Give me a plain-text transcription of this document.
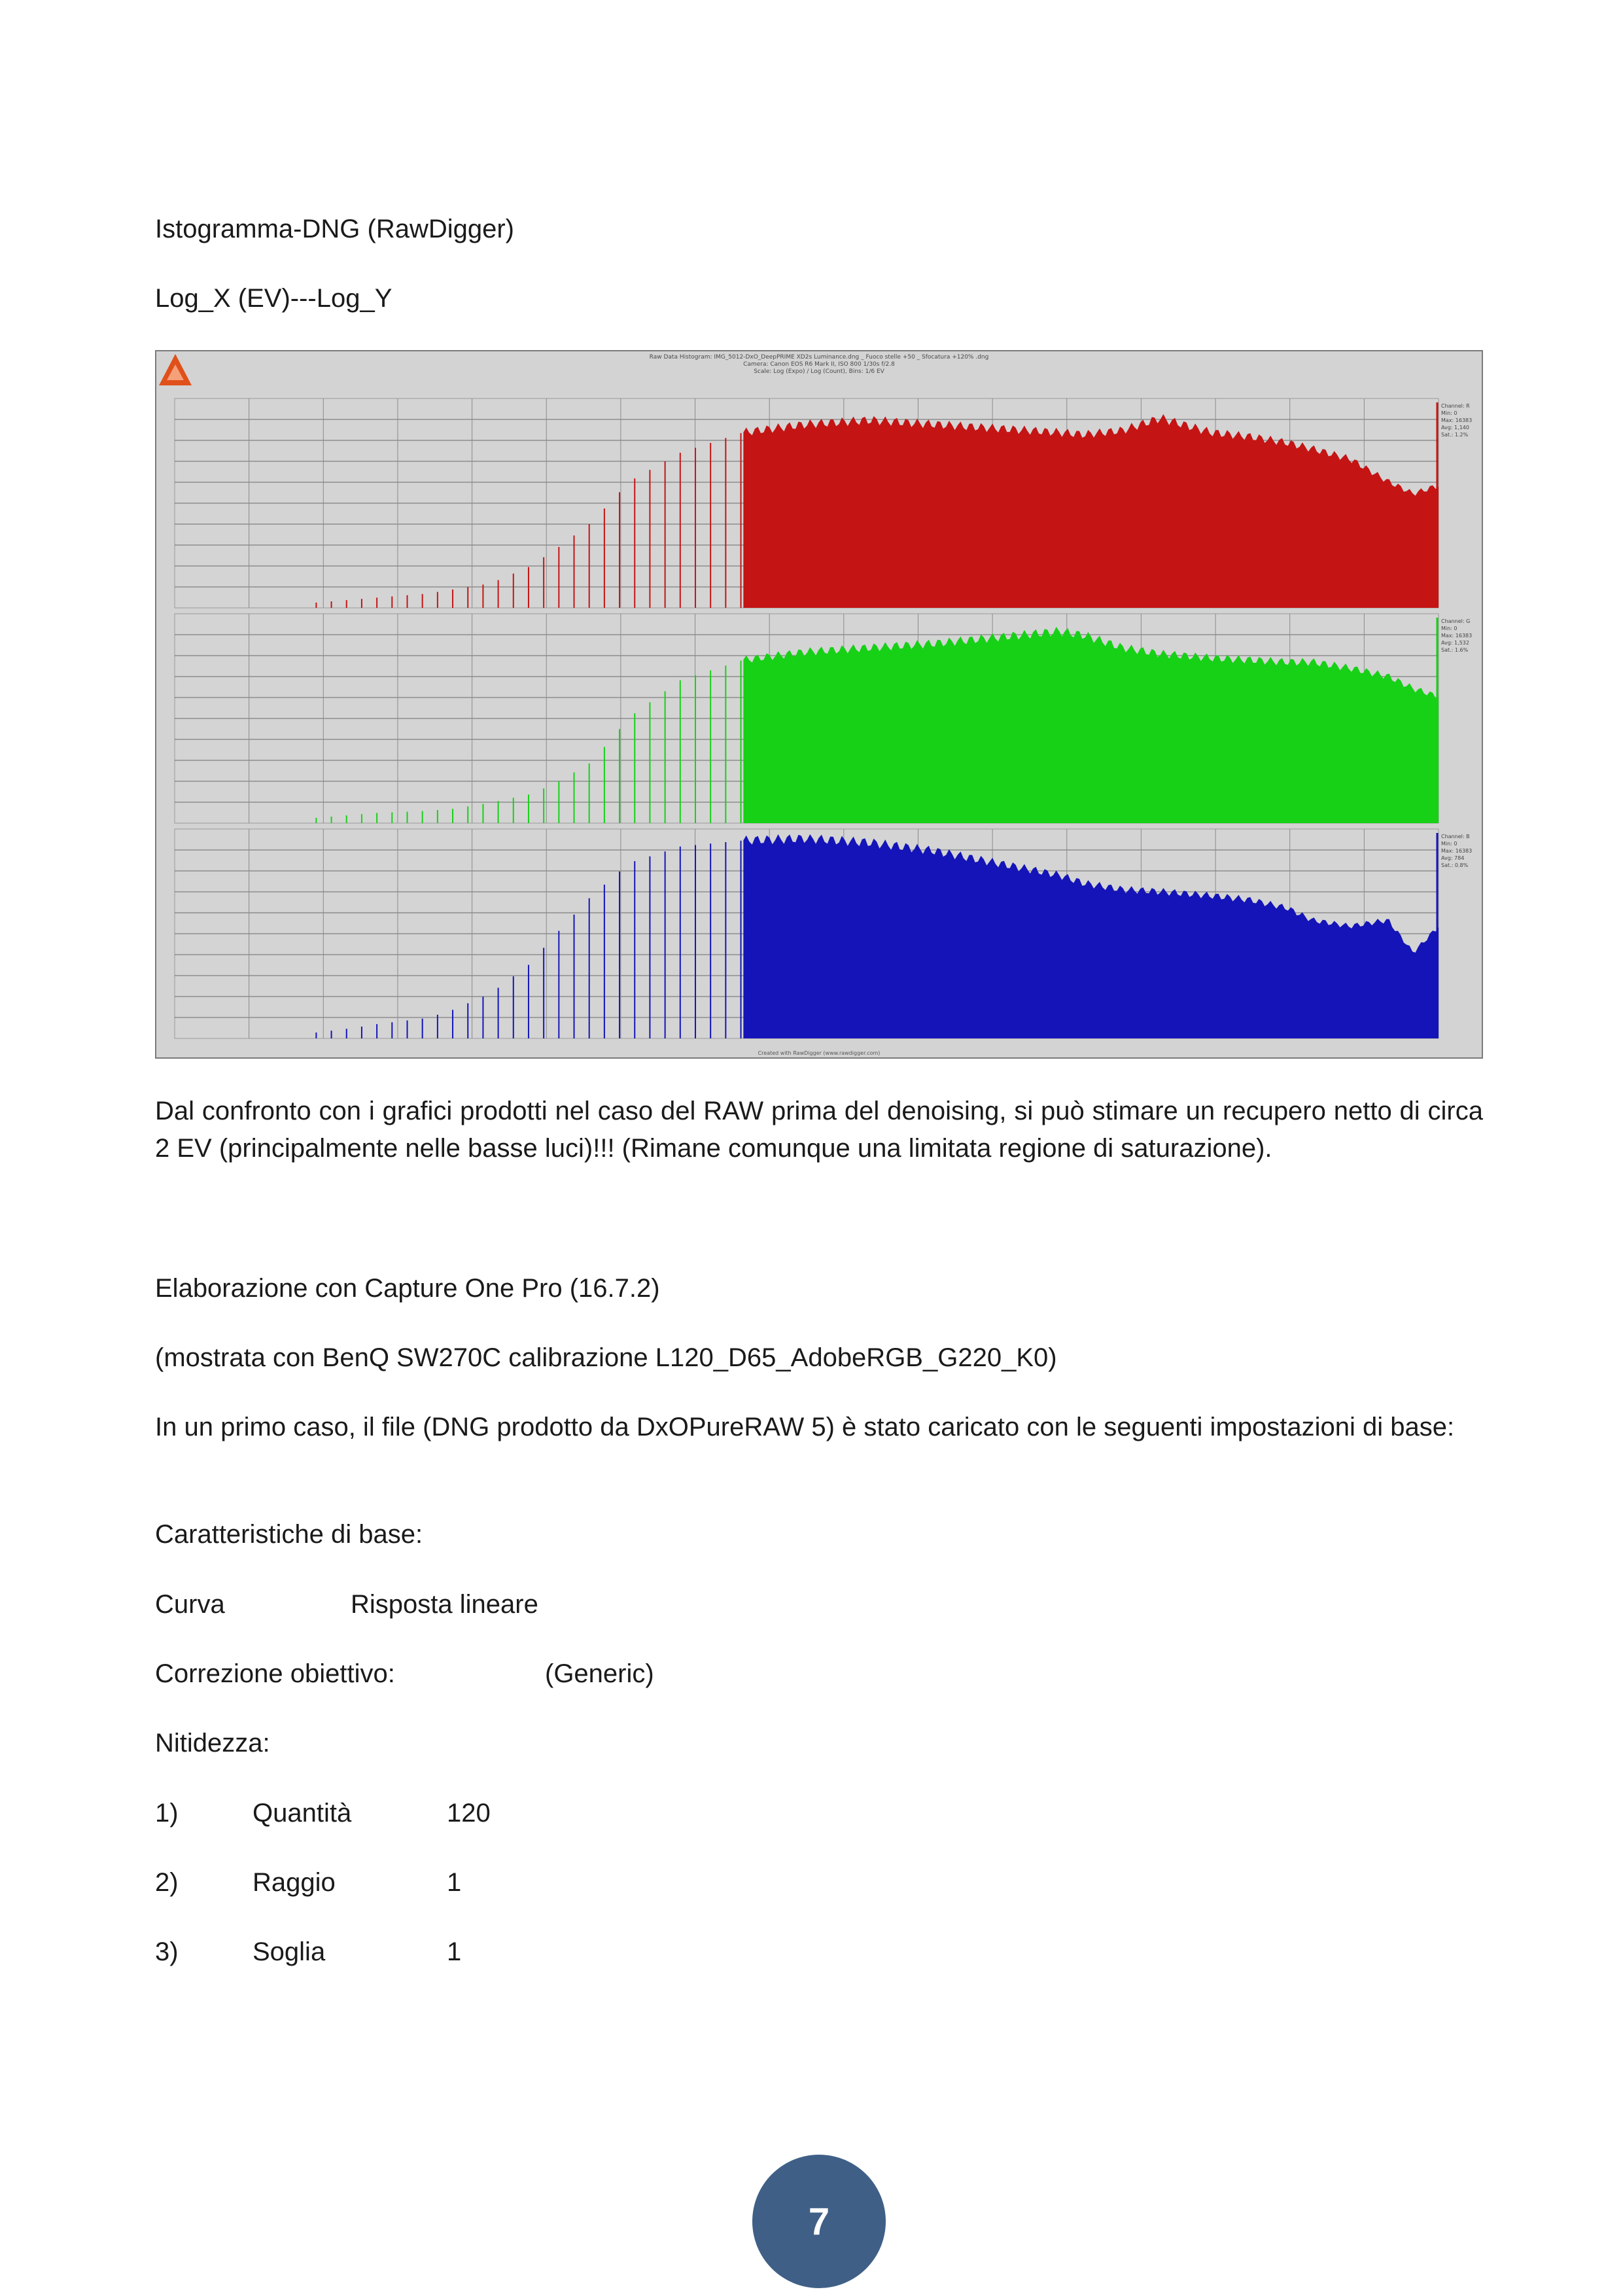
Istogramma-DNG (RawDigger)
Log_X (EV)---Log_Y
Raw Data Histogram: IMG_5012-DxO_DeepPRIME XD2s Luminance.dng _ Fuoco stelle +50 _ Sfocatura +120% .dng
Camera: Canon EOS R6 Mark II, ISO 800 1/30s f/2.8
Scale: Log (Expo) / Log (Count), Bins: 1/6 EV
Channel: R
Min: 0
Max: 16383
Avg: 1,140
Sat.: 1.2%
Channel: G
Min: 0
Max: 16383
Avg: 1,532
Sat.: 1.6%
Channel: B
Min: 0
Max: 16383
Avg: 784
Sat.: 0.8%
Created with RawDigger (www.rawdigger.com)
Dal confronto con i grafici prodotti nel caso del RAW prima del denoising, si può stimare un recupero netto di circa 2 EV (principalmente nelle basse luci)!!! (Rimane comunque una limitata regione di saturazione).
Elaborazione con Capture One Pro (16.7.2)
(mostrata con BenQ SW270C calibrazione L120_D65_AdobeRGB_G220_K0)
In un primo caso, il file (DNG prodotto da DxOPureRAW 5) è stato caricato con le seguenti impostazioni di base:
Caratteristiche di base:
Curva	Risposta lineare
Correzione obiettivo:	(Generic)
Nitidezza:
1)	Quantità	120
2)	Raggio	1
3)	Soglia	1
7
